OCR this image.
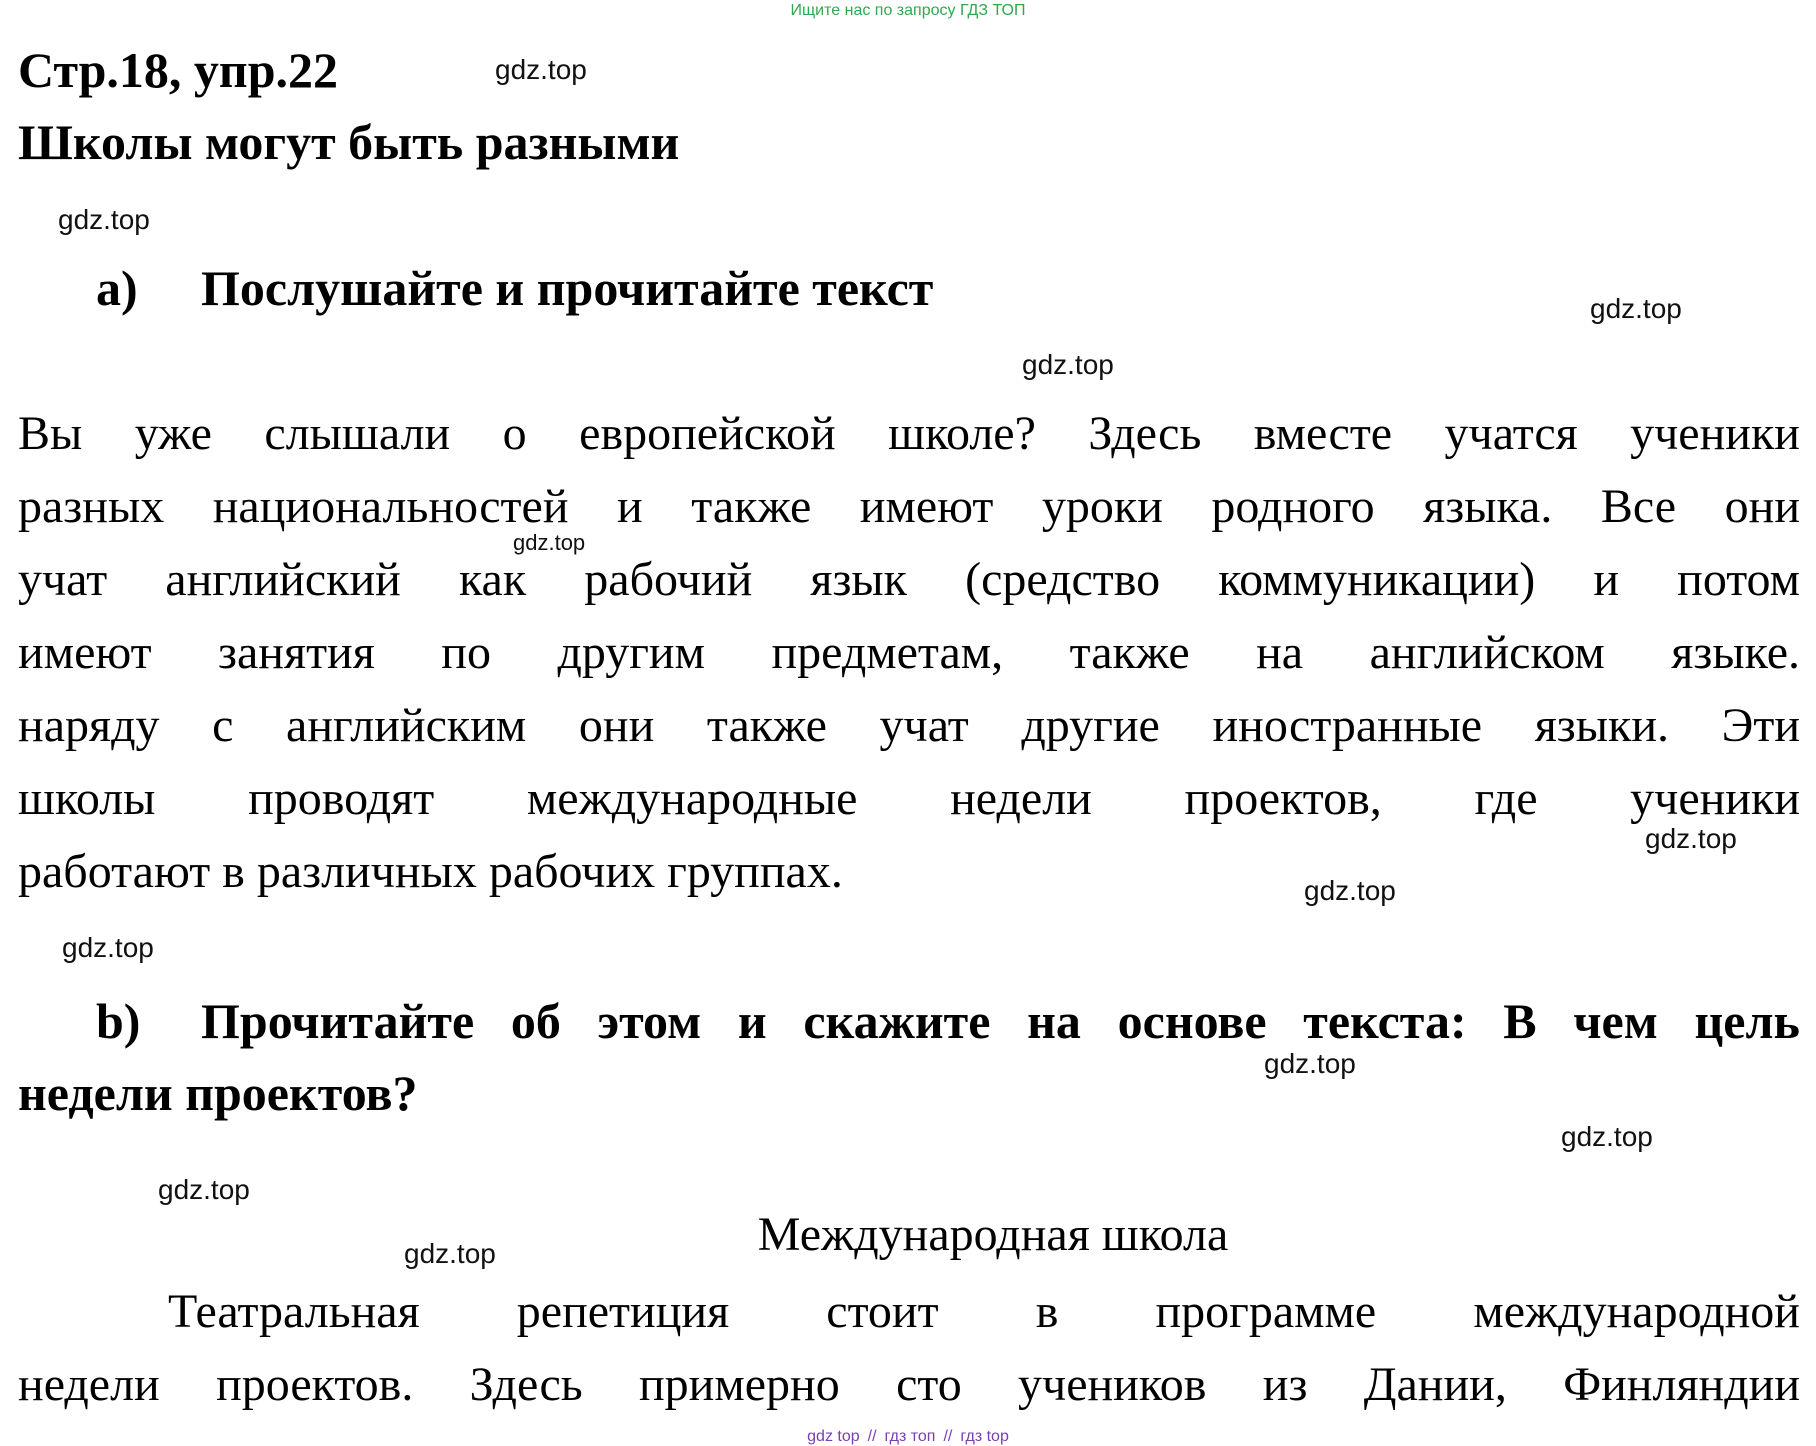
Ищите нас по запросу ГДЗ ТОП
Стр.18, упр.22
Школы могут быть разными
a) Послушайте и прочитайте текст
Вы уже слышали о европейской школе? Здесь вместе учатся ученики
разных национальностей и также имеют уроки родного языка. Все они
учат английский как рабочий язык (средство коммуникации) и потом
имеют занятия по другим предметам, также на английском языке.
наряду с английским они также учат другие иностранные языки. Эти
школы проводят международные недели проектов, где ученики
работают в различных рабочих группах.
b) Прочитайте об этом и скажите на основе текста: В чем цель
недели проектов?
Международная школа
Театральная репетиция стоит в программе международной
недели проектов. Здесь примерно сто учеников из Дании, Финляндии
gdz.top
gdz.top
gdz.top
gdz.top
gdz.top
gdz.top
gdz.top
gdz.top
gdz.top
gdz.top
gdz.top
gdz.top
gdz top // гдз топ // гдз top
